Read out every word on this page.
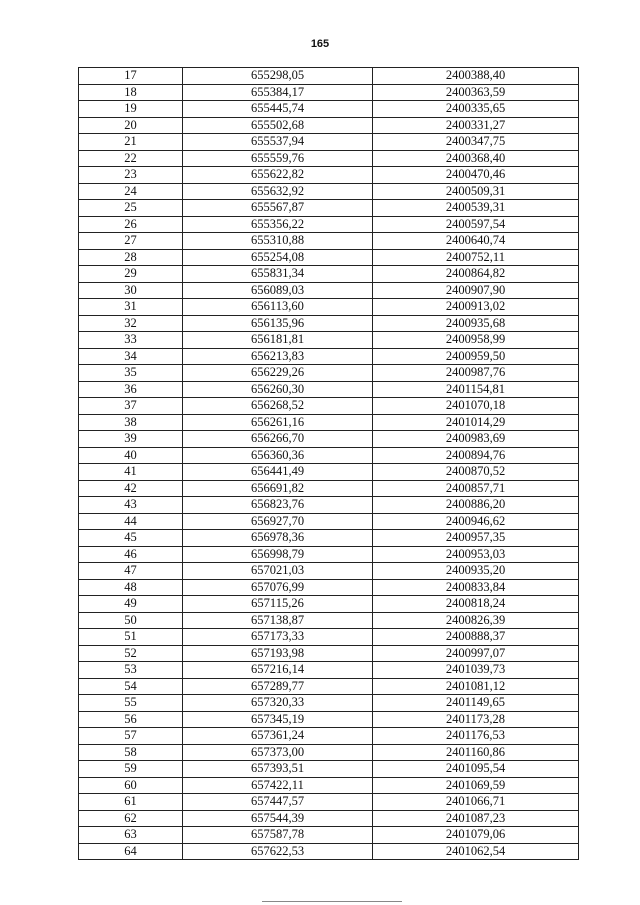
165
17	655298,05	2400388,40
18	655384,17	2400363,59
19	655445,74	2400335,65
20	655502,68	2400331,27
21	655537,94	2400347,75
22	655559,76	2400368,40
23	655622,82	2400470,46
24	655632,92	2400509,31
25	655567,87	2400539,31
26	655356,22	2400597,54
27	655310,88	2400640,74
28	655254,08	2400752,11
29	655831,34	2400864,82
30	656089,03	2400907,90
31	656113,60	2400913,02
32	656135,96	2400935,68
33	656181,81	2400958,99
34	656213,83	2400959,50
35	656229,26	2400987,76
36	656260,30	2401154,81
37	656268,52	2401070,18
38	656261,16	2401014,29
39	656266,70	2400983,69
40	656360,36	2400894,76
41	656441,49	2400870,52
42	656691,82	2400857,71
43	656823,76	2400886,20
44	656927,70	2400946,62
45	656978,36	2400957,35
46	656998,79	2400953,03
47	657021,03	2400935,20
48	657076,99	2400833,84
49	657115,26	2400818,24
50	657138,87	2400826,39
51	657173,33	2400888,37
52	657193,98	2400997,07
53	657216,14	2401039,73
54	657289,77	2401081,12
55	657320,33	2401149,65
56	657345,19	2401173,28
57	657361,24	2401176,53
58	657373,00	2401160,86
59	657393,51	2401095,54
60	657422,11	2401069,59
61	657447,57	2401066,71
62	657544,39	2401087,23
63	657587,78	2401079,06
64	657622,53	2401062,54
